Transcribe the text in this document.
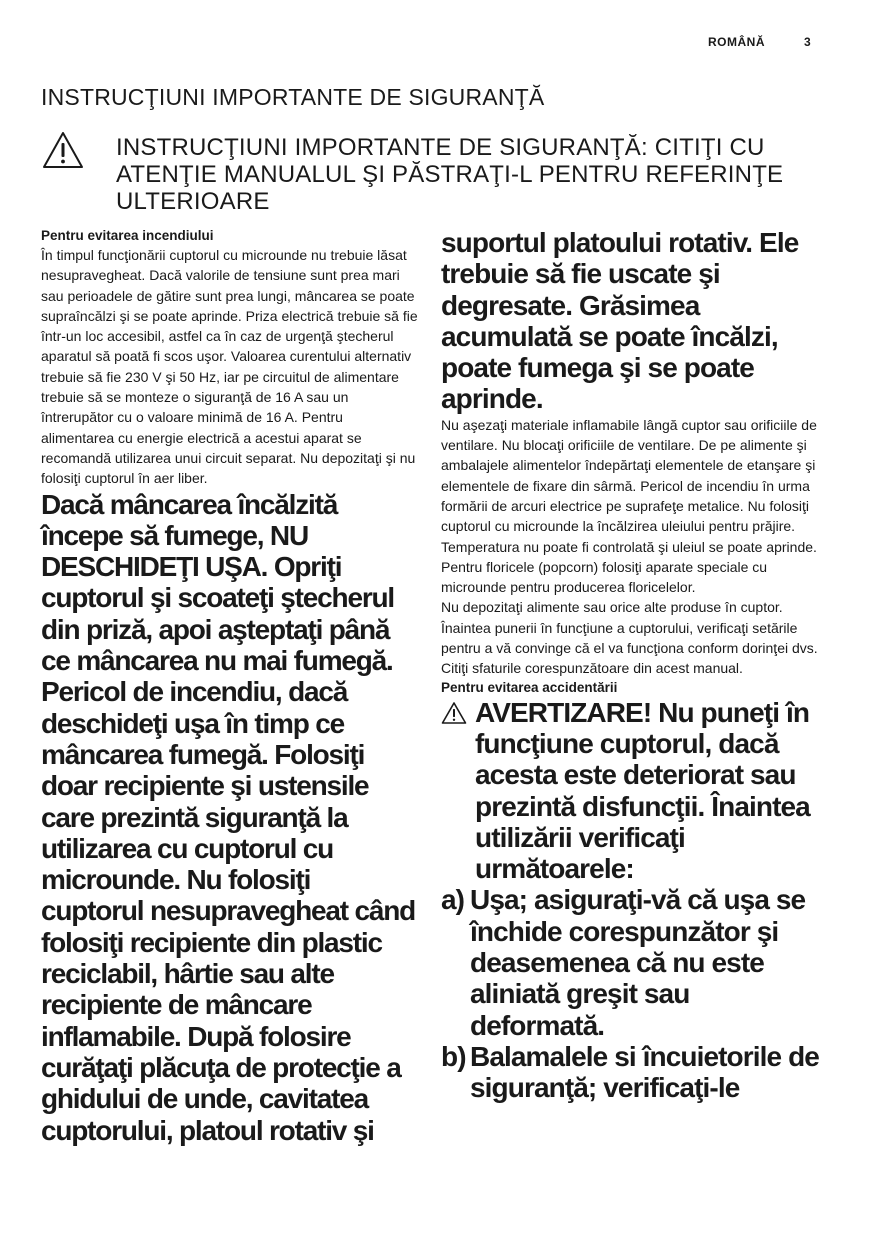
ROMÂNĂ	3
INSTRUCŢIUNI IMPORTANTE DE SIGURANŢĂ
INSTRUCŢIUNI IMPORTANTE DE SIGURANŢĂ: CITIŢI CU ATENŢIE MANUALUL ŞI PĂSTRAŢI-L PENTRU REFERINŢE ULTERIOARE

Pentru evitarea incendiului

În timpul funcţionării cuptorul cu microunde nu trebuie lăsat nesupravegheat. Dacă valorile de tensiune sunt prea mari sau perioadele de gătire sunt prea lungi, mâncarea se poate supraîncălzi şi se poate aprinde. Priza electrică trebuie să fie într-un loc accesibil, astfel ca în caz de urgenţă ştecherul aparatul să poată fi scos uşor. Valoarea curentului alternativ trebuie să fie 230 V şi 50 Hz, iar pe circuitul de alimentare trebuie să se monteze o siguranţă de 16 A sau un întrerupător cu o valoare minimă de 16 A. Pentru alimentarea cu energie electrică a acestui aparat se recomandă utilizarea unui circuit separat. Nu depozitaţi şi nu folosiţi cuptorul în aer liber.

Dacă mâncarea încălzită începe să fumege, NU DESCHIDEŢI UŞA. Opriţi cuptorul şi scoateţi ştecherul din priză, apoi aşteptaţi până ce mâncarea nu mai fumegă. Pericol de incendiu, dacă deschideţi uşa în timp ce mâncarea fumegă. Folosiţi doar recipiente şi ustensile care prezintă siguranţă la utilizarea cu cuptorul cu microunde. Nu folosiţi cuptorul nesupravegheat când folosiţi recipiente din plastic reciclabil, hârtie sau alte recipiente de mâncare inflamabile. După folosire curăţaţi plăcuţa de protecţie a ghidului de unde, cavitatea cuptorului, platoul rotativ şi

suportul platoului rotativ. Ele trebuie să fie uscate şi degresate. Grăsimea acumulată se poate încălzi, poate fumega şi se poate aprinde.

Nu aşezaţi materiale inflamabile lângă cuptor sau orificiile de ventilare. Nu blocaţi orificiile de ventilare. De pe alimente şi ambalajele alimentelor îndepărtaţi elementele de etanşare şi elementele de fixare din sârmă. Pericol de incendiu în urma formării de arcuri electrice pe suprafeţe metalice. Nu folosiţi cuptorul cu microunde la încălzirea uleiului pentru prăjire. Temperatura nu poate fi controlată şi uleiul se poate aprinde. Pentru floricele (popcorn) folosiţi aparate speciale cu microunde pentru producerea floricelelor.

Nu depozitaţi alimente sau orice alte produse în cuptor. Înaintea punerii în funcţiune a cuptorului, verificaţi setările pentru a vă convinge că el va funcţiona conform dorinţei dvs. Citiţi sfaturile corespunzătoare din acest manual.

Pentru evitarea accidentării

AVERTIZARE! Nu puneţi în funcţiune cuptorul, dacă acesta este deteriorat sau prezintă disfuncţii. Înaintea utilizării verificaţi următoarele:

a) Uşa; asiguraţi-vă că uşa se închide corespunzător şi deasemenea că nu este aliniată greşit sau deformată.
b) Balamalele si încuietorile de siguranţă; verificaţi-le
